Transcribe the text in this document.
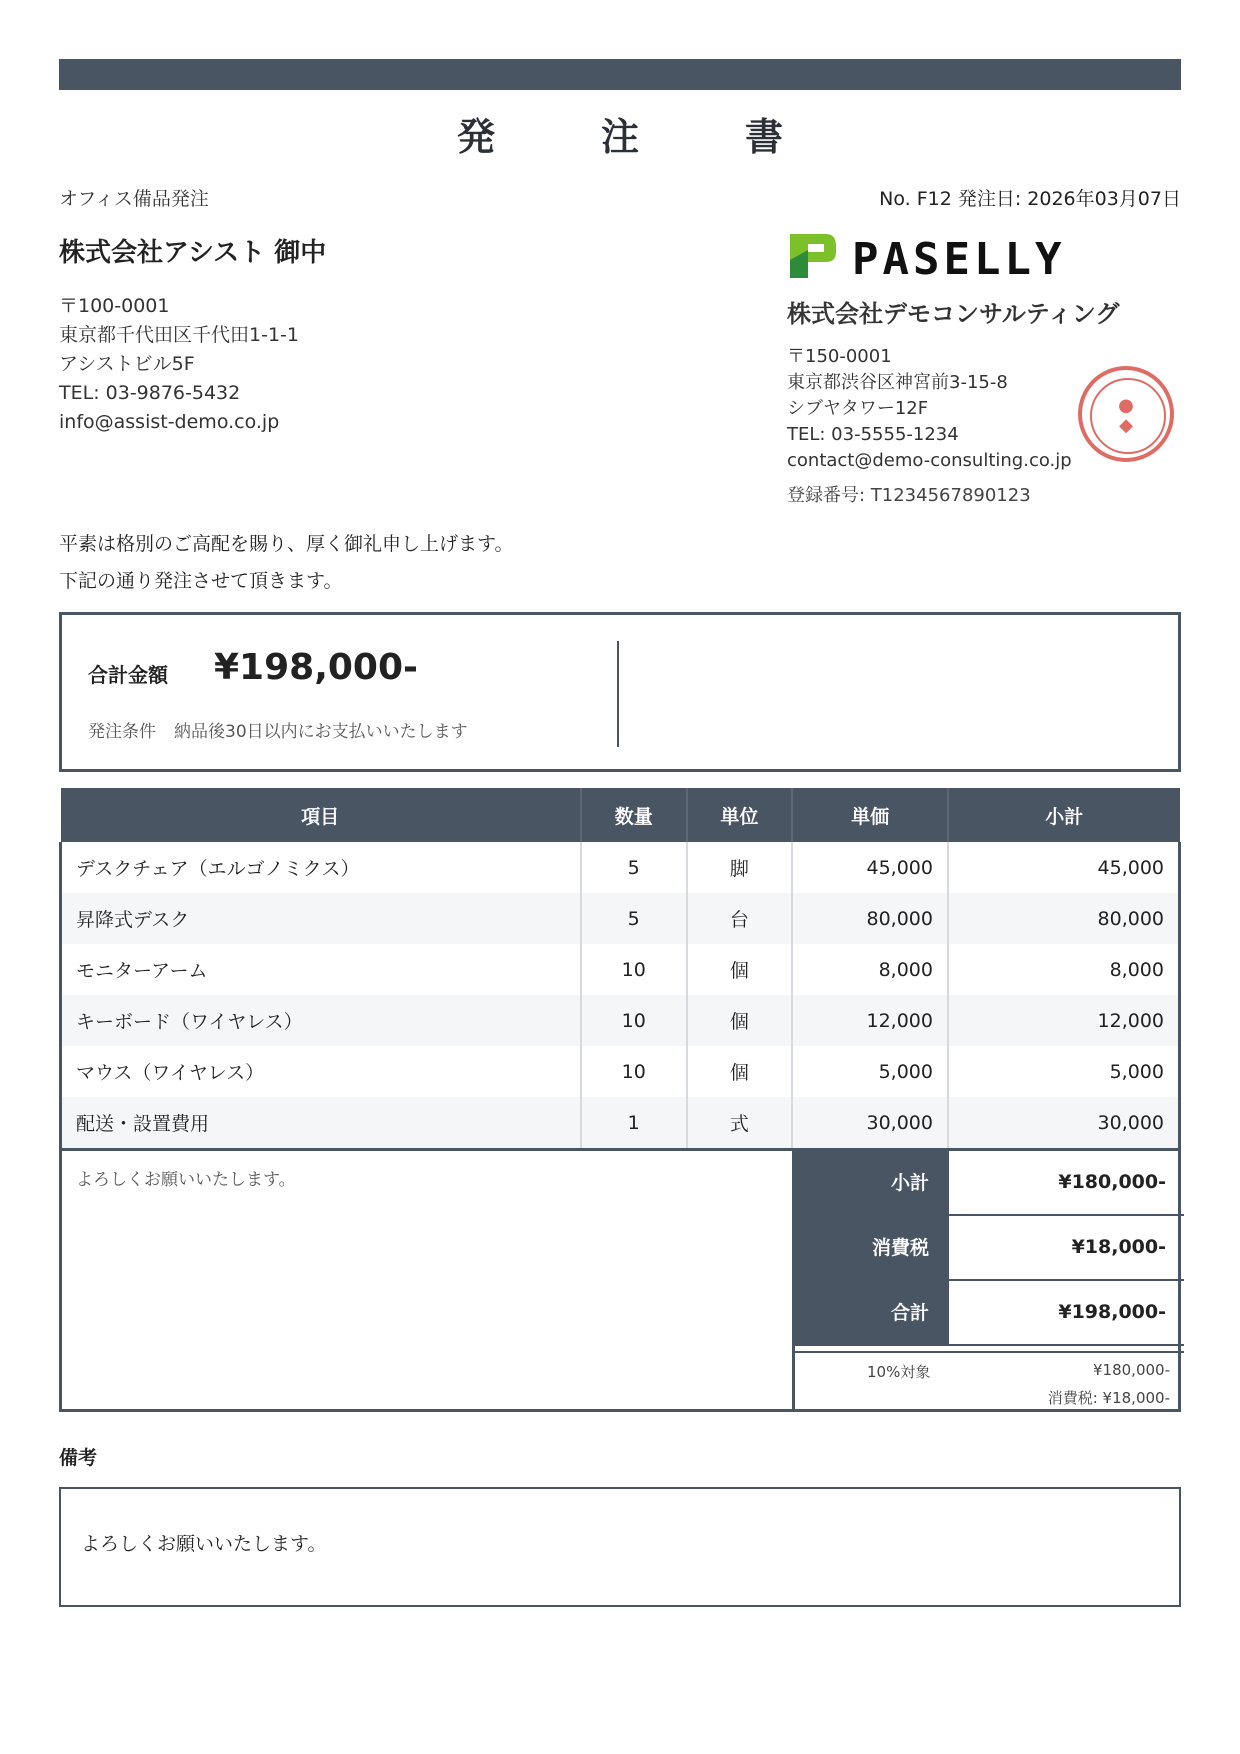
発　注　書
オフィス備品発注	No. F12 発注日: 2026年03月07日
株式会社アシスト 御中
〒100-0001
東京都千代田区千代田1-1-1
アシストビル5F
TEL: 03-9876-5432
info@assist-demo.co.jp
PASELLY
株式会社デモコンサルティング
〒150-0001
東京都渋谷区神宮前3-15-8
シブヤタワー12F
TEL: 03-5555-1234
contact@demo-consulting.co.jp
登録番号: T1234567890123
●
◆
平素は格別のご高配を賜り、厚く御礼申し上げます。
下記の通り発注させて頂きます。
合計金額 ¥198,000-
発注条件 納品後30日以内にお支払いいたします
項目	数量	単位	単価	小計
デスクチェア（エルゴノミクス）	5	脚	45,000	45,000
昇降式デスク	5	台	80,000	80,000
モニターアーム	10	個	8,000	8,000
キーボード（ワイヤレス）	10	個	12,000	12,000
マウス（ワイヤレス）	10	個	5,000	5,000
配送・設置費用	1	式	30,000	30,000
よろしくお願いいたします。	小計	¥180,000-
消費税	¥18,000-
合計	¥198,000-
10%対象	¥180,000-
消費税: ¥18,000-
備考
よろしくお願いいたします。
